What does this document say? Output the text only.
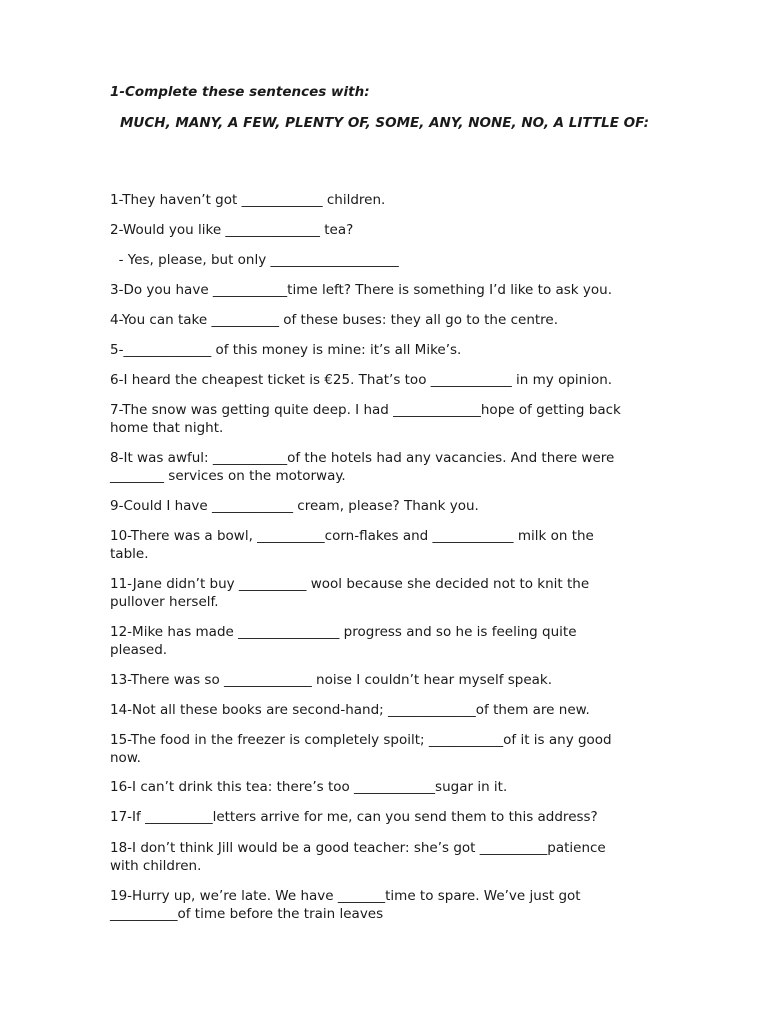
1-Complete these sentences with:
MUCH, MANY, A FEW, PLENTY OF, SOME, ANY, NONE, NO, A LITTLE OF:
1-They haven’t got ____________ children.
2-Would you like ______________ tea?
- Yes, please, but only ___________________
3-Do you have ___________time left? There is something I’d like to ask you.
4-You can take __________ of these buses: they all go to the centre.
5-_____________ of this money is mine: it’s all Mike’s.
6-I heard the cheapest ticket is €25. That’s too ____________ in my opinion.
7-The snow was getting quite deep. I had _____________hope of getting back
home that night.
8-It was awful: ___________of the hotels had any vacancies. And there were
________ services on the motorway.
9-Could I have ____________ cream, please? Thank you.
10-There was a bowl, __________corn-flakes and ____________ milk on the
table.
11-Jane didn’t buy __________ wool because she decided not to knit the
pullover herself.
12-Mike has made _______________ progress and so he is feeling quite
pleased.
13-There was so _____________ noise I couldn’t hear myself speak.
14-Not all these books are second-hand; _____________of them are new.
15-The food in the freezer is completely spoilt; ___________of it is any good
now.
16-I can’t drink this tea: there’s too ____________sugar in it.
17-If __________letters arrive for me, can you send them to this address?
18-I don’t think Jill would be a good teacher: she’s got __________patience
with children.
19-Hurry up, we’re late. We have _______time to spare. We’ve just got
__________of time before the train leaves
